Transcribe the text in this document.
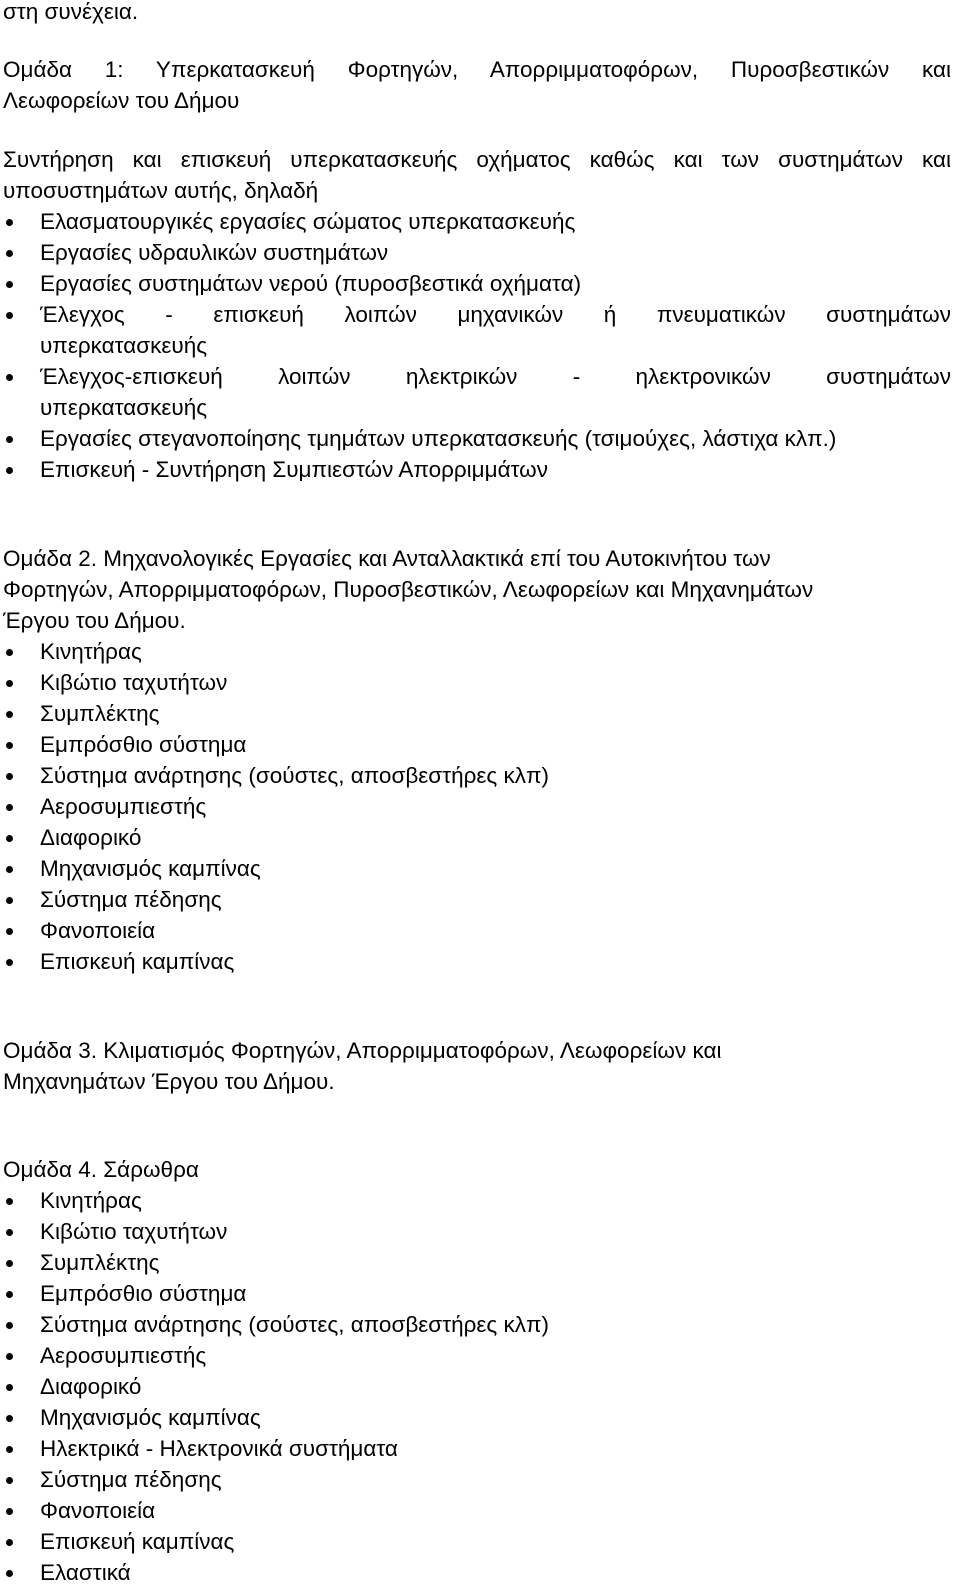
στη συνέχεια.

Ομάδα 1: Υπερκατασκευή Φορτηγών, Απορριμματοφόρων, Πυροσβεστικών και

Λεωφορείων του Δήμου

Συντήρηση και επισκευή υπερκατασκευής οχήματος καθώς και των συστημάτων και

υποσυστημάτων αυτής, δηλαδή

Ελασματουργικές εργασίες σώματος υπερκατασκευής
Εργασίες υδραυλικών συστημάτων
Εργασίες συστημάτων νερού (πυροσβεστικά οχήματα)
Έλεγχος - επισκευή λοιπών μηχανικών ή πνευματικών συστημάτων
υπερκατασκευής
Έλεγχος-επισκευή λοιπών ηλεκτρικών - ηλεκτρονικών συστημάτων
υπερκατασκευής
Εργασίες στεγανοποίησης τμημάτων υπερκατασκευής (τσιμούχες, λάστιχα κλπ.)
Επισκευή - Συντήρηση Συμπιεστών Απορριμμάτων

Ομάδα 2. Μηχανολογικές Εργασίες και Ανταλλακτικά επί του Αυτοκινήτου των

Φορτηγών, Απορριμματοφόρων, Πυροσβεστικών, Λεωφορείων και Μηχανημάτων

Έργου του Δήμου.

Κινητήρας
Κιβώτιο ταχυτήτων
Συμπλέκτης
Εμπρόσθιο σύστημα
Σύστημα ανάρτησης (σούστες, αποσβεστήρες κλπ)
Αεροσυμπιεστής
Διαφορικό
Μηχανισμός καμπίνας
Σύστημα πέδησης
Φανοποιεία
Επισκευή καμπίνας

Ομάδα 3. Κλιματισμός Φορτηγών, Απορριμματοφόρων, Λεωφορείων και

Μηχανημάτων Έργου του Δήμου.

Ομάδα 4. Σάρωθρα

Κινητήρας
Κιβώτιο ταχυτήτων
Συμπλέκτης
Εμπρόσθιο σύστημα
Σύστημα ανάρτησης (σούστες, αποσβεστήρες κλπ)
Αεροσυμπιεστής
Διαφορικό
Μηχανισμός καμπίνας
Ηλεκτρικά - Ηλεκτρονικά συστήματα
Σύστημα πέδησης
Φανοποιεία
Επισκευή καμπίνας
Ελαστικά
